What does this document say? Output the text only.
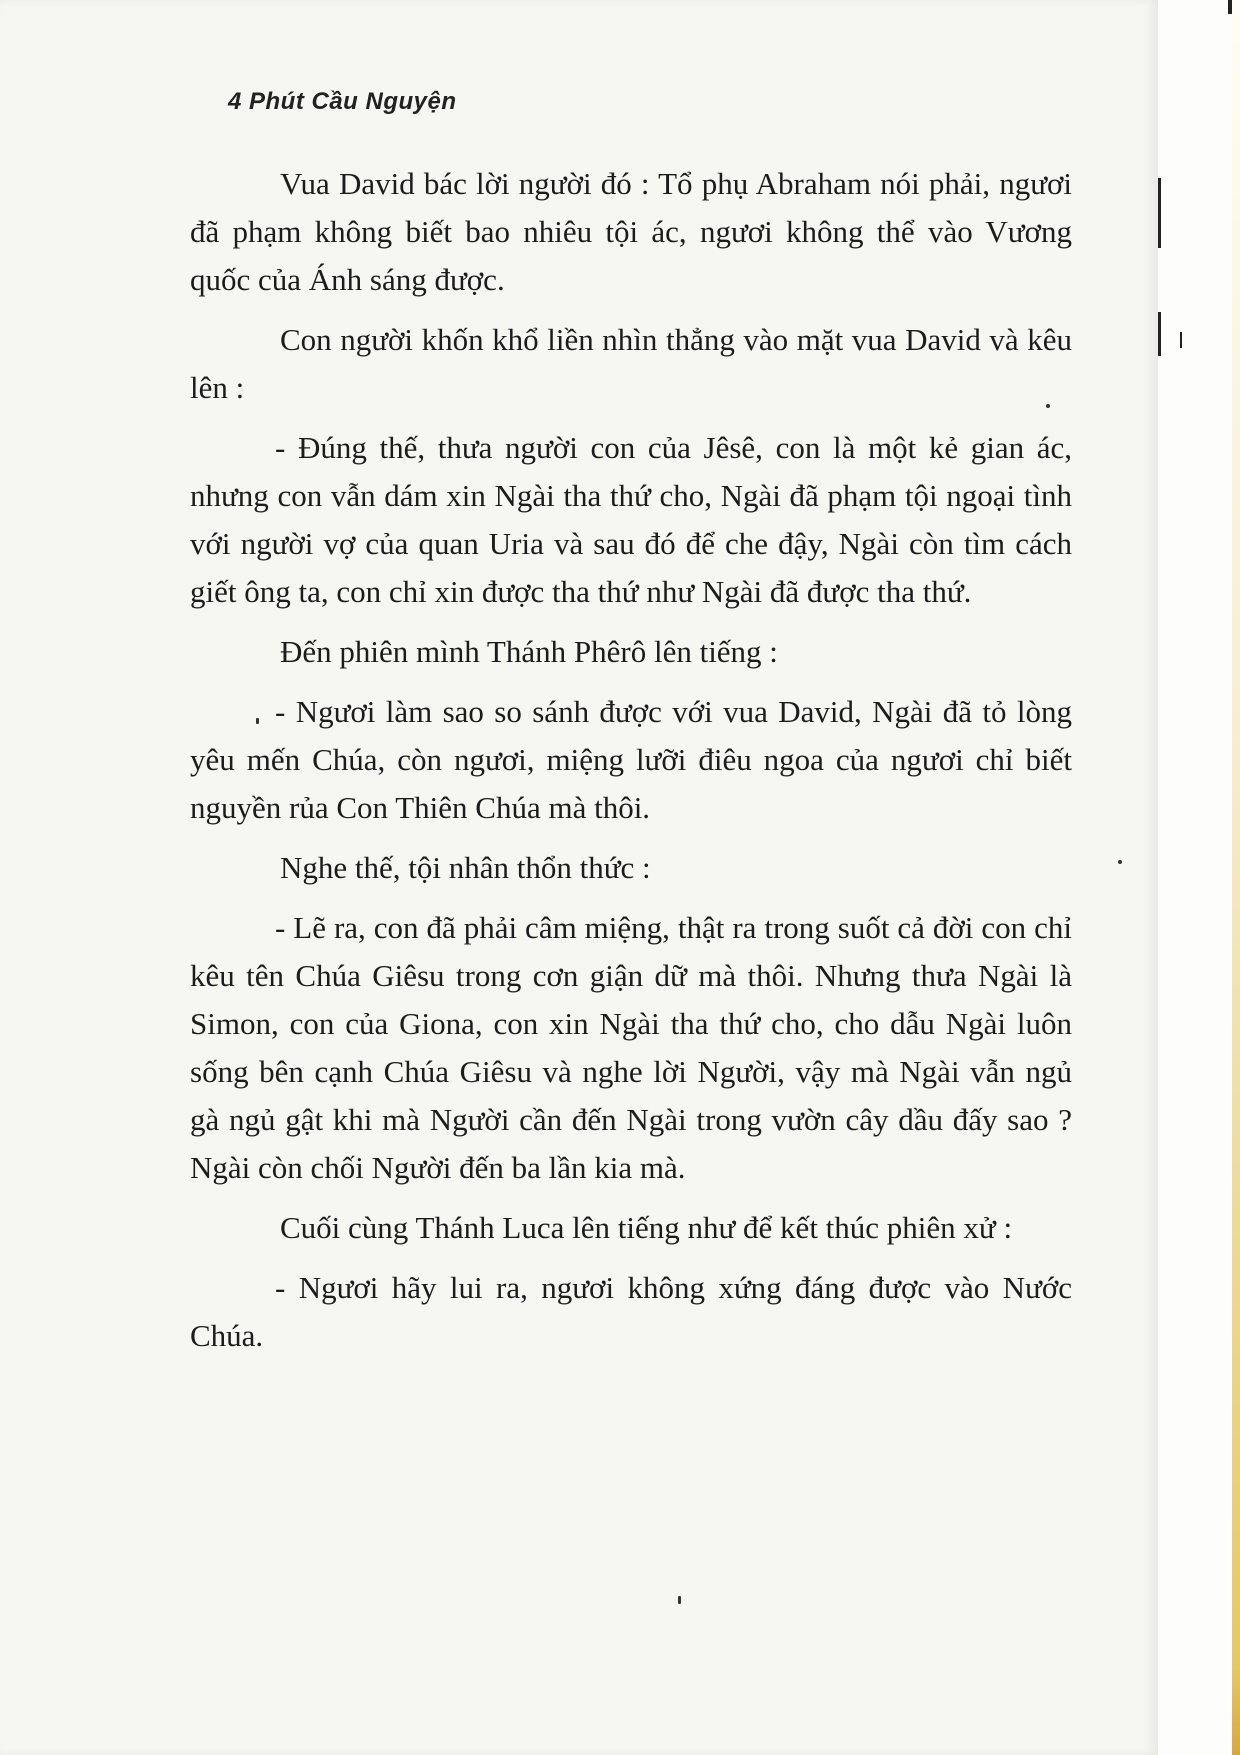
4 Phút Cầu Nguyện

Vua David bác lời người đó : Tổ phụ Abraham nói phải, ngươi đã phạm không biết bao nhiêu tội ác, ngươi không thể vào Vương quốc của Ánh sáng được.

Con người khốn khổ liền nhìn thẳng vào mặt vua David và kêu lên :

- Đúng thế, thưa người con của Jêsê, con là một kẻ gian ác, nhưng con vẫn dám xin Ngài tha thứ cho, Ngài đã phạm tội ngoại tình với người vợ của quan Uria và sau đó để che đậy, Ngài còn tìm cách giết ông ta, con chỉ xin được tha thứ như Ngài đã được tha thứ.

Đến phiên mình Thánh Phêrô lên tiếng :

- Ngươi làm sao so sánh được với vua David, Ngài đã tỏ lòng yêu mến Chúa, còn ngươi, miệng lưỡi điêu ngoa của ngươi chỉ biết nguyền rủa Con Thiên Chúa mà thôi.

Nghe thế, tội nhân thổn thức :

- Lẽ ra, con đã phải câm miệng, thật ra trong suốt cả đời con chỉ kêu tên Chúa Giêsu trong cơn giận dữ mà thôi. Nhưng thưa Ngài là Simon, con của Giona, con xin Ngài tha thứ cho, cho dẫu Ngài luôn sống bên cạnh Chúa Giêsu và nghe lời Người, vậy mà Ngài vẫn ngủ gà ngủ gật khi mà Người cần đến Ngài trong vườn cây dầu đấy sao ? Ngài còn chối Người đến ba lần kia mà.

Cuối cùng Thánh Luca lên tiếng như để kết thúc phiên xử :

- Ngươi hãy lui ra, ngươi không xứng đáng được vào Nước Chúa.
